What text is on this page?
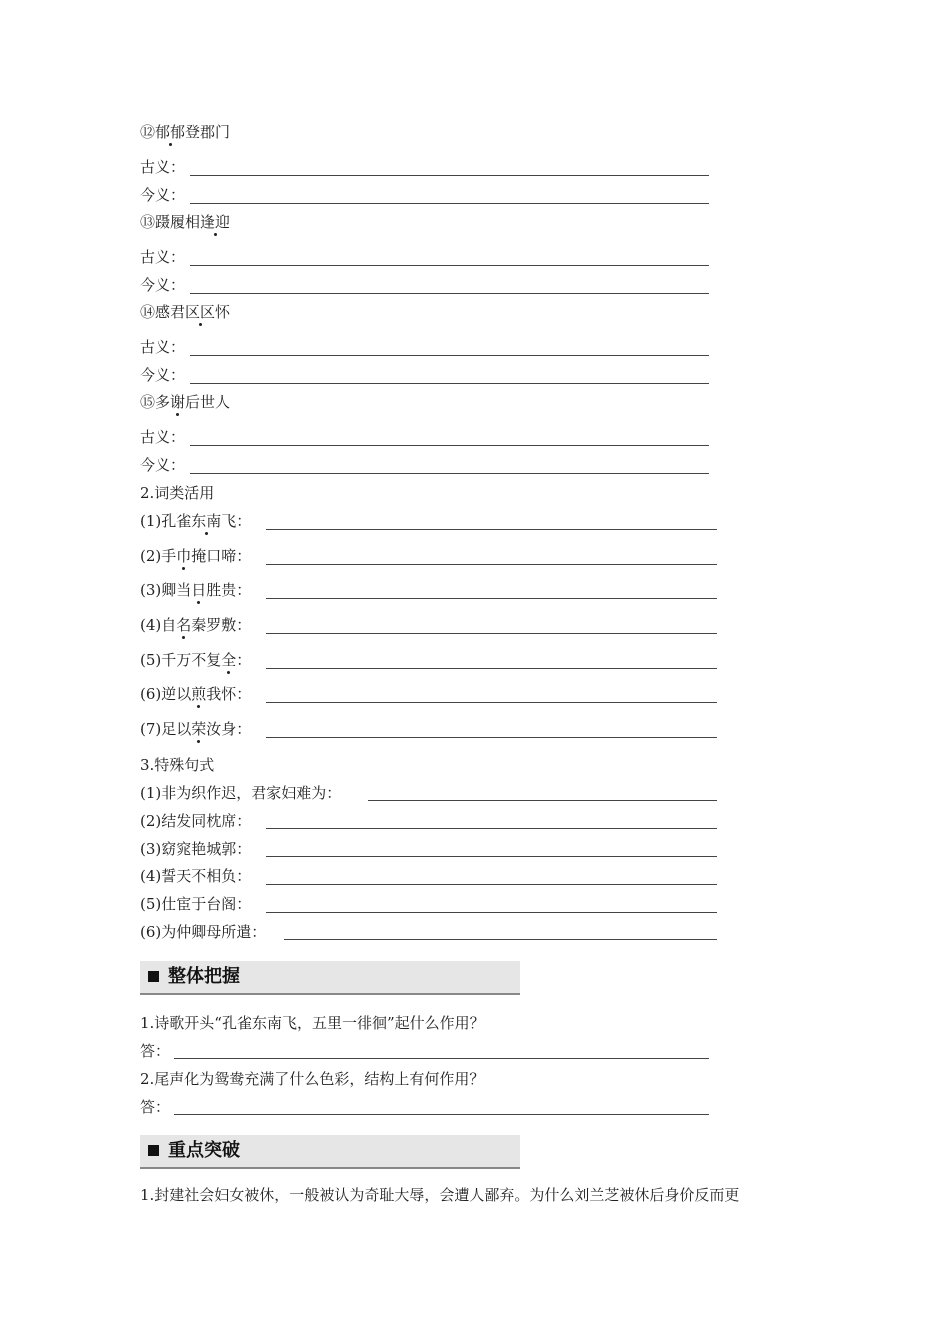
⑫郁郁登郡门
古义：
今义：
⑬蹑履相逢迎
古义：
今义：
⑭感君区区怀
古义：
今义：
⑮多谢后世人
古义：
今义：
2.词类活用
(1)孔雀东南飞：
(2)手巾掩口啼：
(3)卿当日胜贵：
(4)自名秦罗敷：
(5)千万不复全：
(6)逆以煎我怀：
(7)足以荣汝身：
3.特殊句式
(1)非为织作迟，君家妇难为：
(2)结发同枕席：
(3)窈窕艳城郭：
(4)誓天不相负：
(5)仕宦于台阁：
(6)为仲卿母所遣：
整体把握
1.诗歌开头“孔雀东南飞，五里一徘徊”起什么作用？
答：
2.尾声化为鸳鸯充满了什么色彩，结构上有何作用？
答：
重点突破
1.封建社会妇女被休，一般被认为奇耻大辱，会遭人鄙弃。为什么刘兰芝被休后身价反而更
